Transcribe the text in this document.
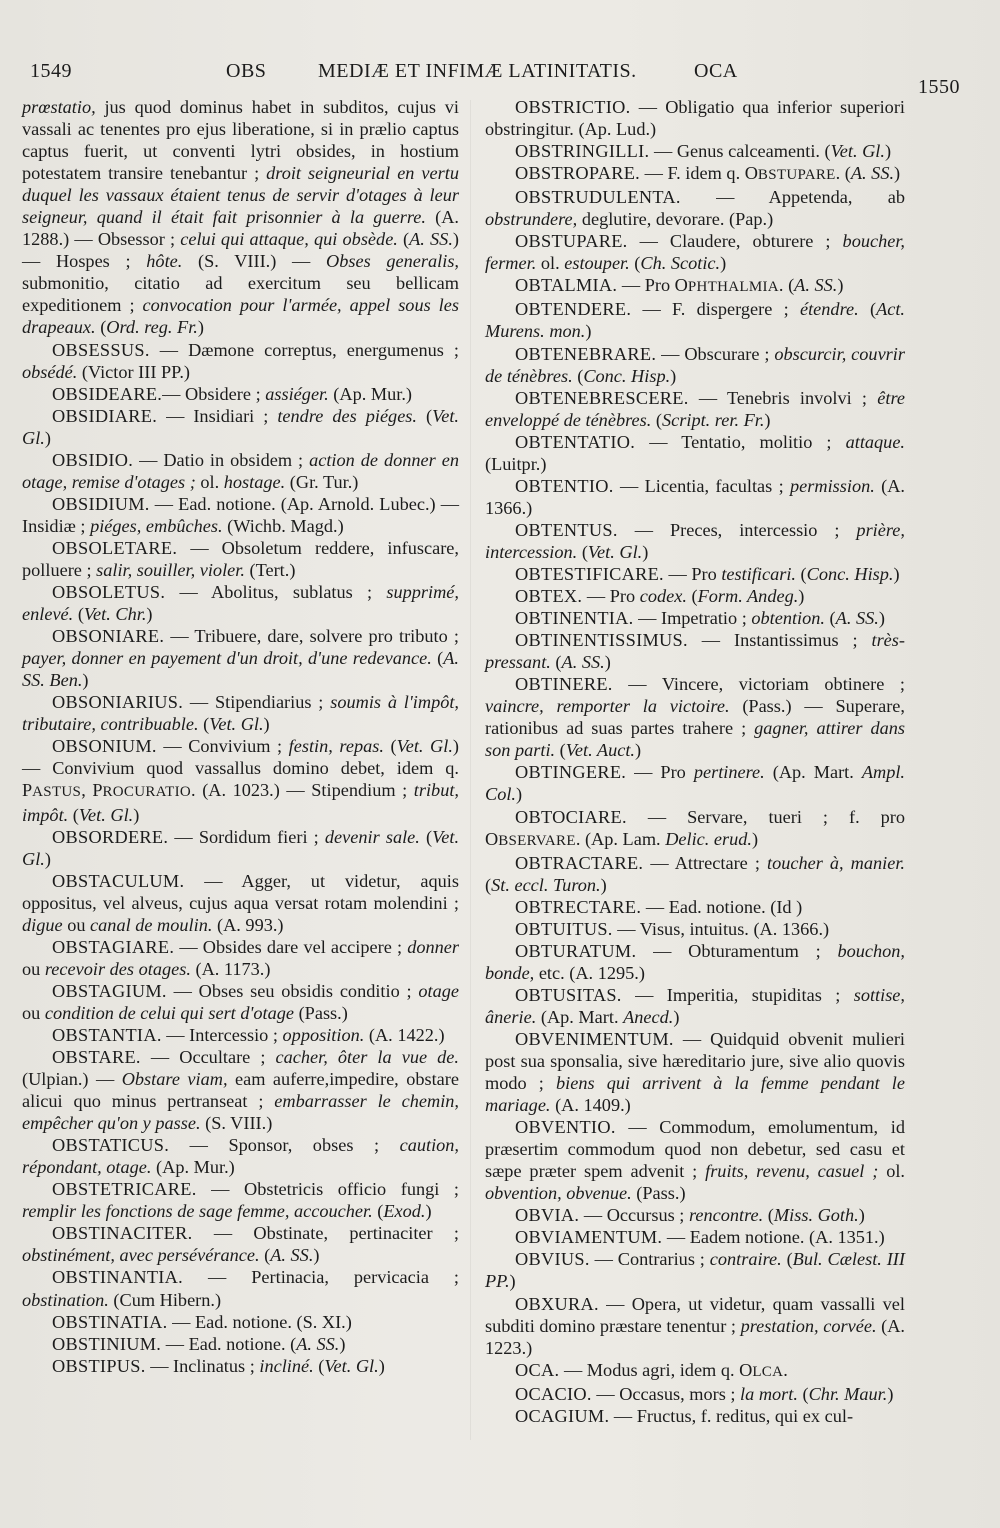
1549	OBS	MEDIÆ ET INFIMÆ LATINITATIS.	OCA
1550

prœstatio, jus quod dominus habet in subditos, cujus vi vassali ac tenentes pro ejus liberatione, si in prælio captus captus fuerit, ut conventi lytri obsides, in hostium potestatem transire tenebantur ; droit seigneurial en vertu duquel les vassaux étaient tenus de servir d'otages à leur seigneur, quand il était fait prisonnier à la guerre. (A. 1288.) — Obsessor ; celui qui attaque, qui obsède. (A. SS.) — Hospes ; hôte. (S. VIII.) — Obses generalis, submonitio, citatio ad exercitum seu bellicam expeditionem ; convocation pour l'armée, appel sous les drapeaux. (Ord. reg. Fr.)

OBSESSUS. — Dæmone correptus, energumenus ; obsédé. (Victor III PP.)

OBSIDEARE.— Obsidere ; assiéger. (Ap. Mur.)

OBSIDIARE. — Insidiari ; tendre des piéges. (Vet. Gl.)

OBSIDIO. — Datio in obsidem ; action de donner en otage, remise d'otages ; ol. hostage. (Gr. Tur.)

OBSIDIUM. — Ead. notione. (Ap. Arnold. Lubec.) — Insidiæ ; piéges, embûches. (Wichb. Magd.)

OBSOLETARE. — Obsoletum reddere, infuscare, polluere ; salir, souiller, violer. (Tert.)

OBSOLETUS. — Abolitus, sublatus ; supprimé, enlevé. (Vet. Chr.)

OBSONIARE. — Tribuere, dare, solvere pro tributo ; payer, donner en payement d'un droit, d'une redevance. (A. SS. Ben.)

OBSONIARIUS. — Stipendiarius ; soumis à l'impôt, tributaire, contribuable. (Vet. Gl.)

OBSONIUM. — Convivium ; festin, repas. (Vet. Gl.) — Convivium quod vassallus domino debet, idem q. PASTUS, PROCURATIO. (A. 1023.) — Stipendium ; tribut, impôt. (Vet. Gl.)

OBSORDERE. — Sordidum fieri ; devenir sale. (Vet. Gl.)

OBSTACULUM. — Agger, ut videtur, aquis oppositus, vel alveus, cujus aqua versat rotam molendini ; digue ou canal de moulin. (A. 993.)

OBSTAGIARE. — Obsides dare vel accipere ; donner ou recevoir des otages. (A. 1173.)

OBSTAGIUM. — Obses seu obsidis conditio ; otage ou condition de celui qui sert d'otage (Pass.)

OBSTANTIA. — Intercessio ; opposition. (A. 1422.)

OBSTARE. — Occultare ; cacher, ôter la vue de. (Ulpian.) — Obstare viam, eam auferre,impedire, obstare alicui quo minus pertranseat ; embarrasser le chemin, empêcher qu'on y passe. (S. VIII.)

OBSTATICUS. — Sponsor, obses ; caution, répondant, otage. (Ap. Mur.)

OBSTETRICARE. — Obstetricis officio fungi ; remplir les fonctions de sage femme, accoucher. (Exod.)

OBSTINACITER. — Obstinate, pertinaciter ; obstinément, avec persévérance. (A. SS.)

OBSTINANTIA. — Pertinacia, pervicacia ; obstination. (Cum Hibern.)

OBSTINATIA. — Ead. notione. (S. XI.)

OBSTINIUM. — Ead. notione. (A. SS.)

OBSTIPUS. — Inclinatus ; incliné. (Vet. Gl.)

OBSTRICTIO. — Obligatio qua inferior superiori obstringitur. (Ap. Lud.)

OBSTRINGILLI. — Genus calceamenti. (Vet. Gl.)

OBSTROPARE. — F. idem q. OBSTUPARE. (A. SS.)

OBSTRUDULENTA. — Appetenda, ab obstrundere, deglutire, devorare. (Pap.)

OBSTUPARE. — Claudere, obturere ; boucher, fermer. ol. estouper. (Ch. Scotic.)

OBTALMIA. — Pro OPHTHALMIA. (A. SS.)

OBTENDERE. — F. dispergere ; étendre. (Act. Murens. mon.)

OBTENEBRARE. — Obscurare ; obscurcir, couvrir de ténèbres. (Conc. Hisp.)

OBTENEBRESCERE. — Tenebris involvi ; être enveloppé de ténèbres. (Script. rer. Fr.)

OBTENTATIO. — Tentatio, molitio ; attaque. (Luitpr.)

OBTENTIO. — Licentia, facultas ; permission. (A. 1366.)

OBTENTUS. — Preces, intercessio ; prière, intercession. (Vet. Gl.)

OBTESTIFICARE. — Pro testificari. (Conc. Hisp.)

OBTEX. — Pro codex. (Form. Andeg.)

OBTINENTIA. — Impetratio ; obtention. (A. SS.)

OBTINENTISSIMUS. — Instantissimus ; très-pressant. (A. SS.)

OBTINERE. — Vincere, victoriam obtinere ; vaincre, remporter la victoire. (Pass.) — Superare, rationibus ad suas partes trahere ; gagner, attirer dans son parti. (Vet. Auct.)

OBTINGERE. — Pro pertinere. (Ap. Mart. Ampl. Col.)

OBTOCIARE. — Servare, tueri ; f. pro OBSERVARE. (Ap. Lam. Delic. erud.)

OBTRACTARE. — Attrectare ; toucher à, manier. (St. eccl. Turon.)

OBTRECTARE. — Ead. notione. (Id )

OBTUITUS. — Visus, intuitus. (A. 1366.)

OBTURATUM. — Obturamentum ; bouchon, bonde, etc. (A. 1295.)

OBTUSITAS. — Imperitia, stupiditas ; sottise, ânerie. (Ap. Mart. Anecd.)

OBVENIMENTUM. — Quidquid obvenit mulieri post sua sponsalia, sive hæreditario jure, sive alio quovis modo ; biens qui arrivent à la femme pendant le mariage. (A. 1409.)

OBVENTIO. — Commodum, emolumentum, id præsertim commodum quod non debetur, sed casu et sæpe præter spem advenit ; fruits, revenu, casuel ; ol. obvention, obvenue. (Pass.)

OBVIA. — Occursus ; rencontre. (Miss. Goth.)

OBVIAMENTUM. — Eadem notione. (A. 1351.)

OBVIUS. — Contrarius ; contraire. (Bul. Cælest. III PP.)

OBXURA. — Opera, ut videtur, quam vassalli vel subditi domino præstare tenentur ; prestation, corvée. (A. 1223.)

OCA. — Modus agri, idem q. OLCA.

OCACIO. — Occasus, mors ; la mort. (Chr. Maur.)

OCAGIUM. — Fructus, f. reditus, qui ex cul-
